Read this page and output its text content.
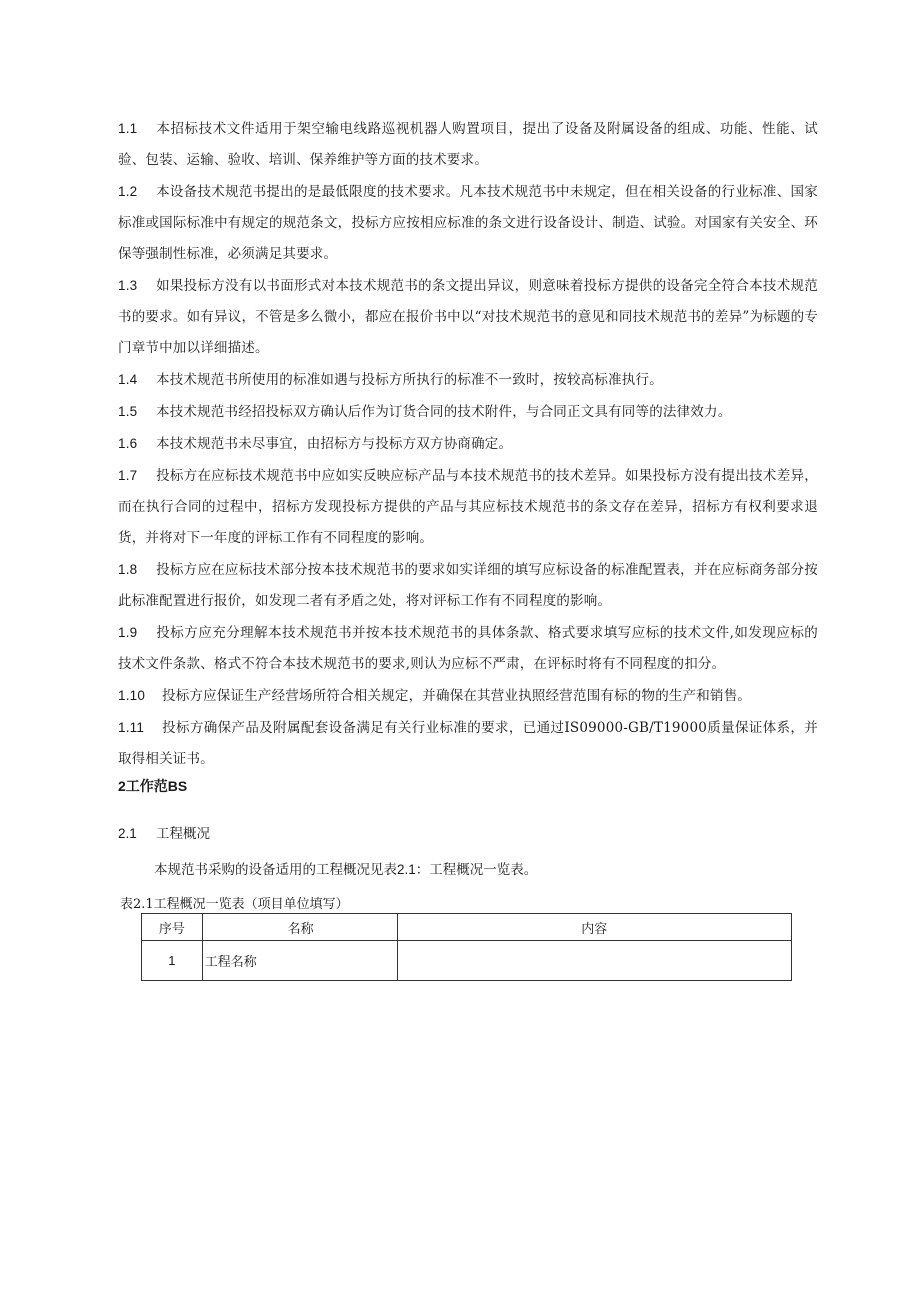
1.1 本招标技术文件适用于架空输电线路巡视机器人购置项目，提出了设备及附属设备的组成、功能、性能、试验、包装、运输、验收、培训、保养维护等方面的技术要求。

1.2 本设备技术规范书提出的是最低限度的技术要求。凡本技术规范书中未规定，但在相关设备的行业标准、国家标准或国际标准中有规定的规范条文，投标方应按相应标准的条文进行设备设计、制造、试验。对国家有关安全、环保等强制性标准，必须满足其要求。

1.3 如果投标方没有以书面形式对本技术规范书的条文提出异议，则意味着投标方提供的设备完全符合本技术规范书的要求。如有异议，不管是多么微小，都应在报价书中以“对技术规范书的意见和同技术规范书的差异”为标题的专门章节中加以详细描述。

1.4 本技术规范书所使用的标准如遇与投标方所执行的标准不一致时，按较高标准执行。

1.5 本技术规范书经招投标双方确认后作为订货合同的技术附件，与合同正文具有同等的法律效力。

1.6 本技术规范书未尽事宜，由招标方与投标方双方协商确定。

1.7 投标方在应标技术规范书中应如实反映应标产品与本技术规范书的技术差异。如果投标方没有提出技术差异，而在执行合同的过程中，招标方发现投标方提供的产品与其应标技术规范书的条文存在差异，招标方有权利要求退货，并将对下一年度的评标工作有不同程度的影响。

1.8 投标方应在应标技术部分按本技术规范书的要求如实详细的填写应标设备的标准配置表，并在应标商务部分按此标准配置进行报价，如发现二者有矛盾之处，将对评标工作有不同程度的影响。

1.9 投标方应充分理解本技术规范书并按本技术规范书的具体条款、格式要求填写应标的技术文件,如发现应标的技术文件条款、格式不符合本技术规范书的要求,则认为应标不严肃，在评标时将有不同程度的扣分。

1.10 投标方应保证生产经营场所符合相关规定，并确保在其营业执照经营范围有标的物的生产和销售。

1.11 投标方确保产品及附属配套设备满足有关行业标准的要求，已通过IS09000-GB/T19000质量保证体系，并取得相关证书。

2工作范BS

2.1 工程概况

本规范书采购的设备适用的工程概况见表2.1：工程概况一览表。

表2.1工程概况一览表（项目单位填写）

序号	名称	内容
1	工程名称	
